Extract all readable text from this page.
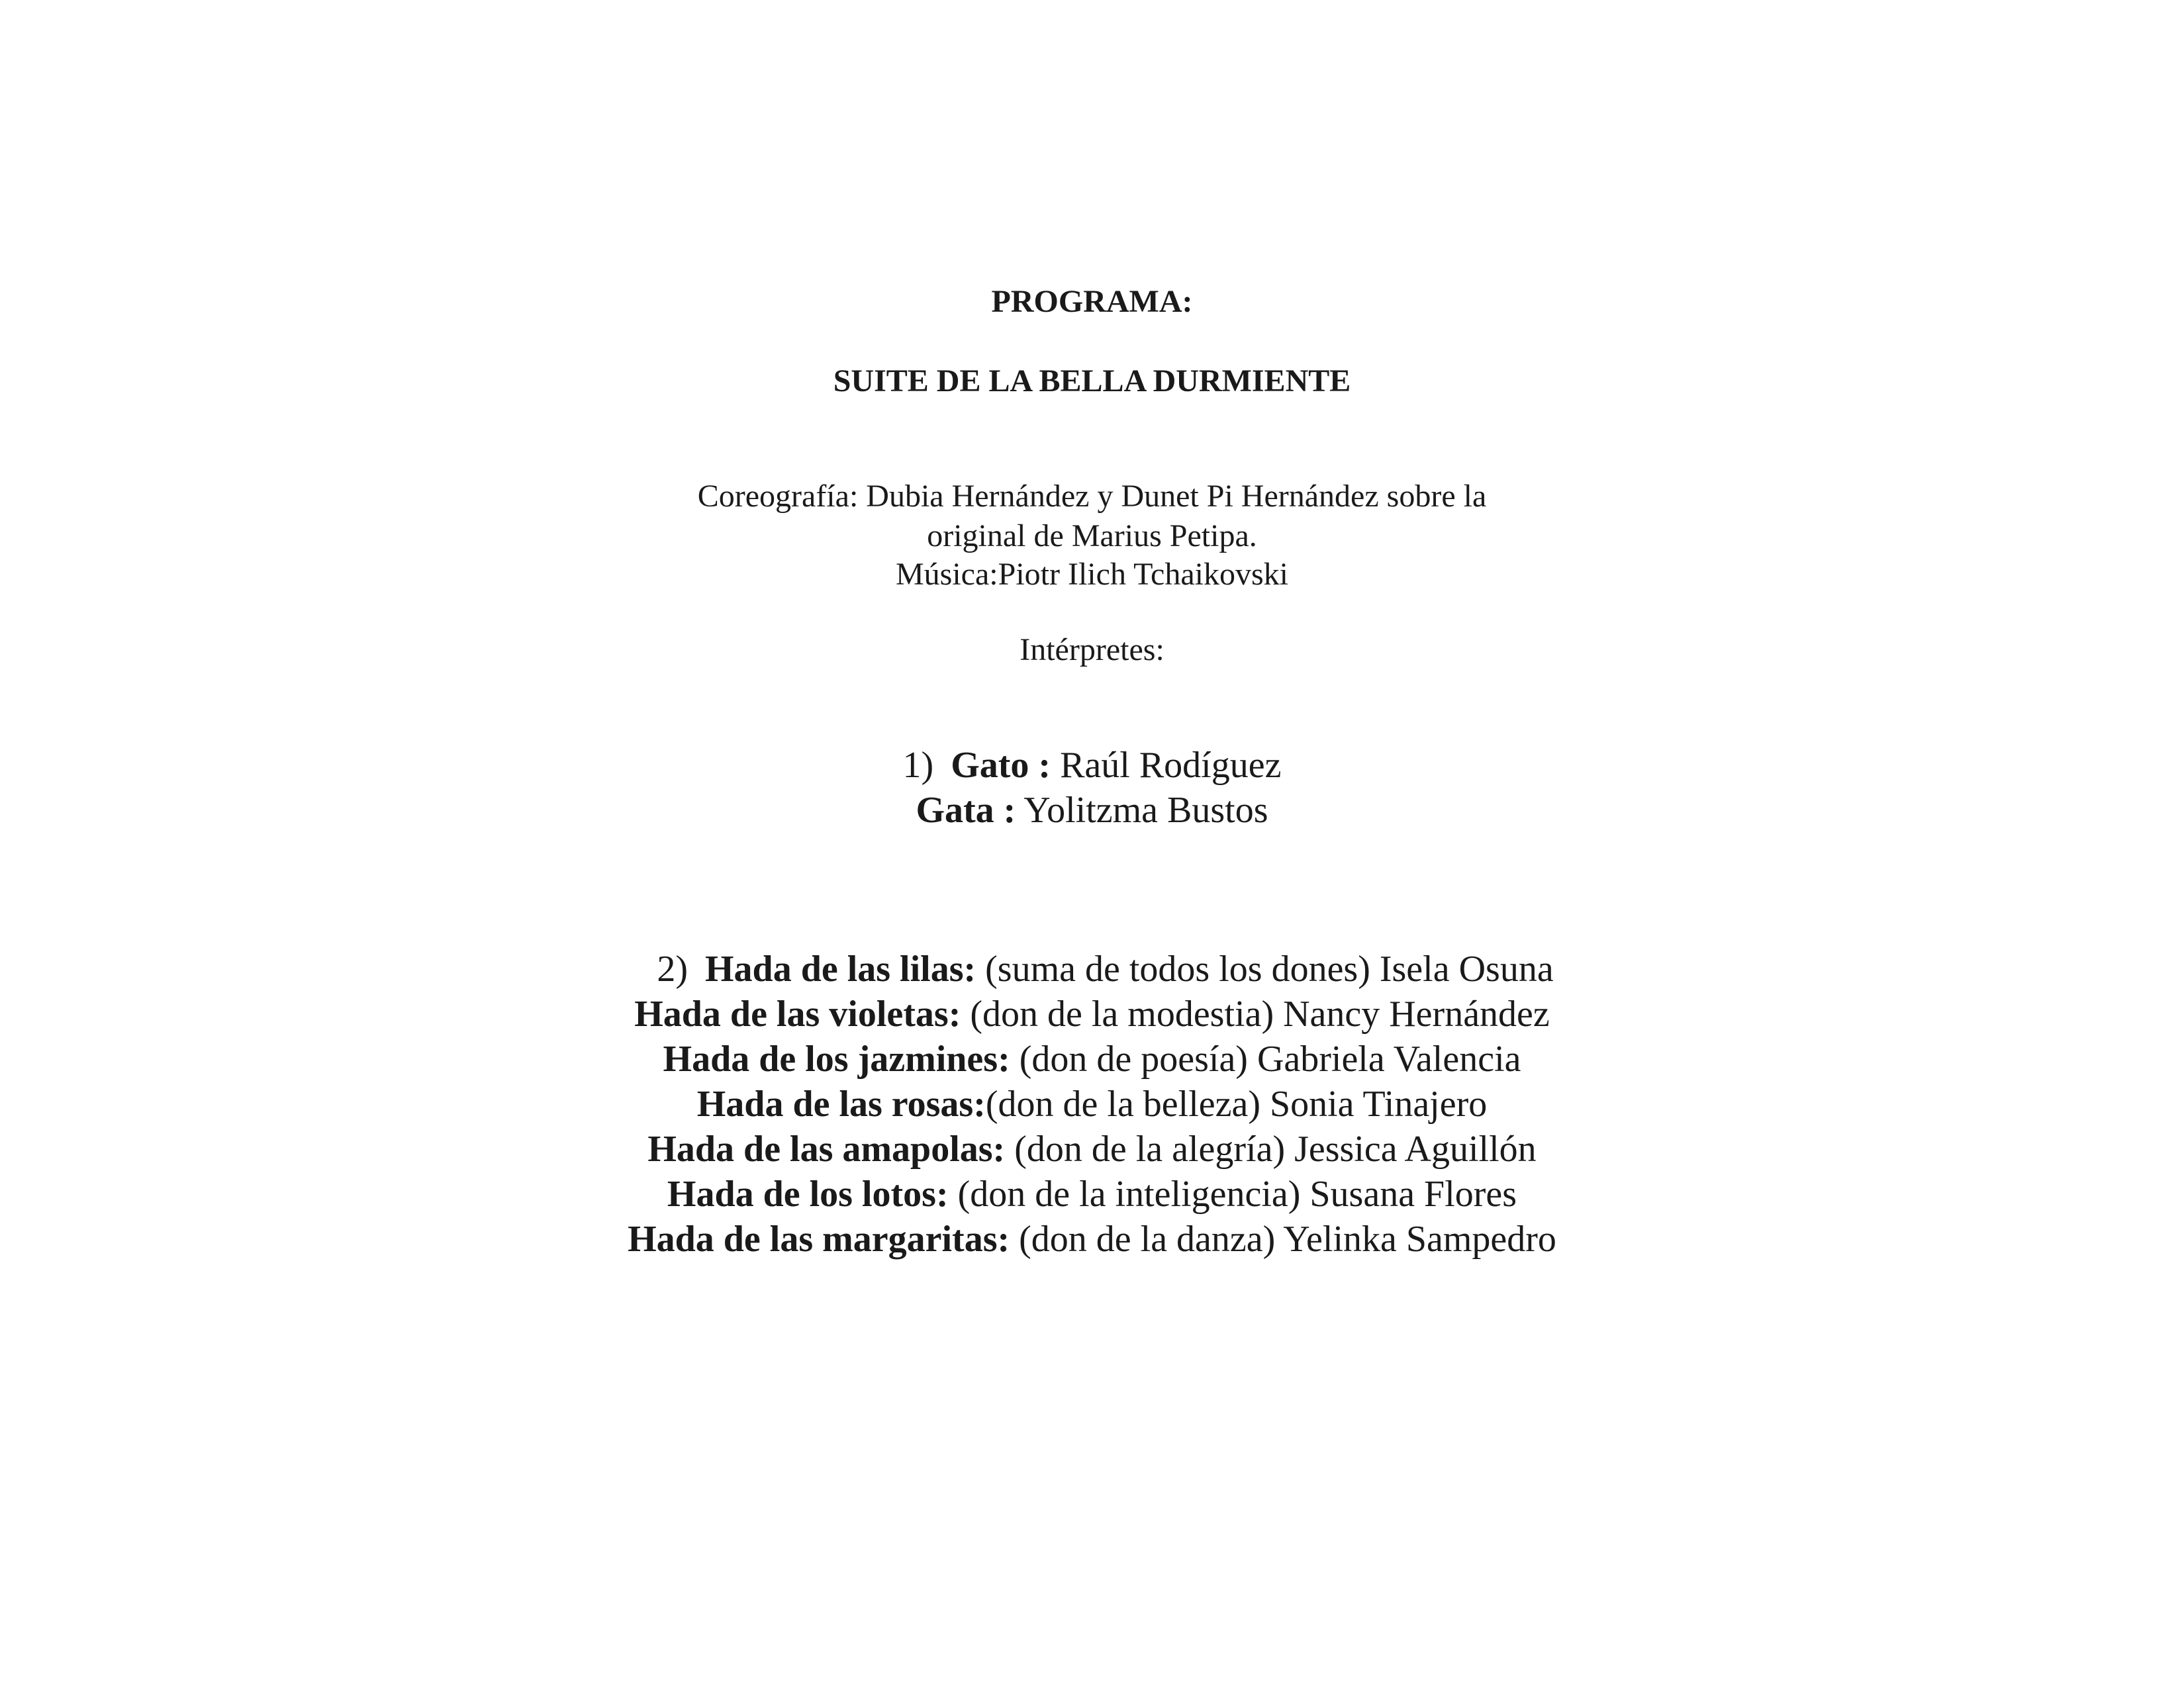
PROGRAMA:
SUITE DE LA BELLA DURMIENTE
Coreografía: Dubia Hernández y Dunet Pi Hernández sobre la
original de Marius Petipa.
Música:Piotr Ilich Tchaikovski
Intérpretes:
1) Gato : Raúl Rodíguez
Gata : Yolitzma Bustos
2) Hada de las lilas: (suma de todos los dones) Isela Osuna
Hada de las violetas: (don de la modestia) Nancy Hernández
Hada de los jazmines: (don de poesía) Gabriela Valencia
Hada de las rosas:(don de la belleza) Sonia Tinajero
Hada de las amapolas: (don de la alegría) Jessica Aguillón
Hada de los lotos: (don de la inteligencia) Susana Flores
Hada de las margaritas: (don de la danza) Yelinka Sampedro
